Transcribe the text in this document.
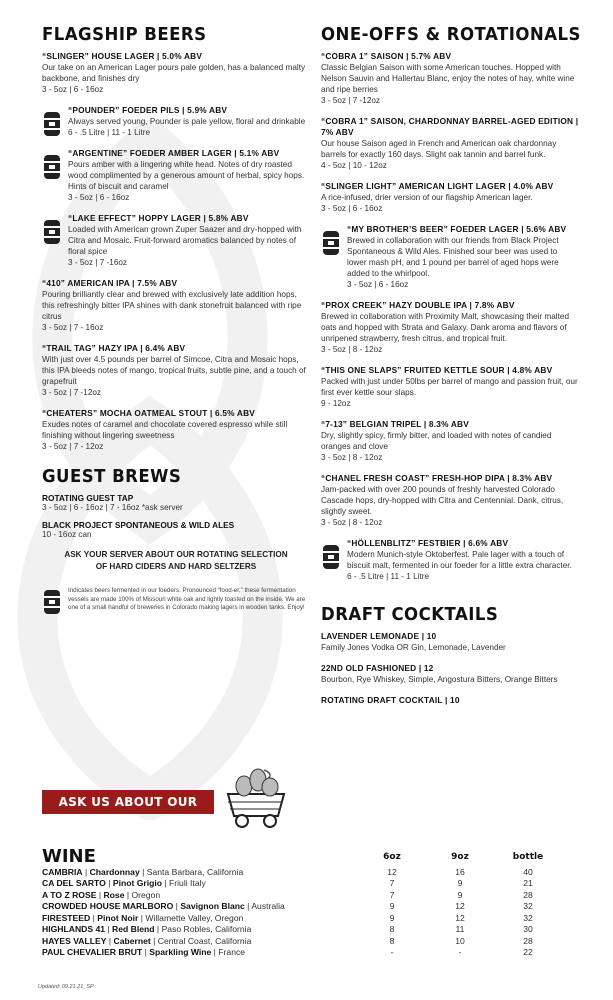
FLAGSHIP BEERS
“SLINGER” HOUSE LAGER | 5.0% ABV
Our take on an American Lager pours pale golden, has a balanced malty backbone, and finishes dry
3 - 5oz | 6 - 16oz
“POUNDER” FOEDER PILS | 5.9% ABV
Always served young, Pounder is pale yellow, floral and drinkable
6 - .5 Litre | 11 - 1 Litre
“ARGENTINE” FOEDER AMBER LAGER | 5.1% ABV
Pours amber with a lingering white head. Notes of dry roasted wood complimented by a generous amount of herbal, spicy hops. Hints of biscuit and caramel
3 - 5oz | 6 - 16oz
“LAKE EFFECT” HOPPY LAGER | 5.8% ABV
Loaded with American grown Zuper Saazer and dry-hopped with Citra and Mosaic. Fruit-forward aromatics balanced by notes of floral spice
3 - 5oz | 7 -16oz
“410” AMERICAN IPA | 7.5% ABV
Pouring brilliantly clear and brewed with exclusively late addition hops, this refreshingly bitter IPA shines with dank stonefruit balanced with ripe citrus
3 - 5oz | 7 - 16oz
“TRAIL TAG” HAZY IPA | 6.4% ABV
With just over 4.5 pounds per barrel of Simcoe, Citra and Mosaic hops, this IPA bleeds notes of mango, tropical fruits, subtle pine, and a touch of grapefruit
3 - 5oz | 7 -12oz
“CHEATERS” MOCHA OATMEAL STOUT | 6.5% ABV
Exudes notes of caramel and chocolate covered espresso while still finishing without lingering sweetness
3 - 5oz | 7 - 12oz
GUEST BREWS
ROTATING GUEST TAP
3 - 5oz | 6 - 16oz | 7 - 16oz *ask server
BLACK PROJECT SPONTANEOUS & WILD ALES
10 - 16oz can
ASK YOUR SERVER ABOUT OUR ROTATING SELECTION
OF HARD CIDERS AND HARD SELTZERS
Indicates beers fermented in our foeders. Pronounced “food-er,” these fermentation vessels are made 100% of Missouri white oak and lightly toasted on the inside. We are one of a small handful of breweries in Colorado making lagers in wooden tanks. Enjoy!
ASK US ABOUT OUR FLIGHTS!
ONE-OFFS & ROTATIONALS
“COBRA 1” SAISON | 5.7% ABV
Classic Belgian Saison with some American touches. Hopped with Nelson Sauvin and Hallertau Blanc, enjoy the notes of hay, white wine and ripe berries
3 - 5oz | 7 -12oz
“COBRA 1” SAISON, CHARDONNAY BARREL-AGED EDITION | 7% ABV
Our house Saison aged in French and American oak chardonnay barrels for exactly 160 days. Slight oak tannin and barrel funk.
4 - 5oz | 10 - 12oz
“SLINGER LIGHT” AMERICAN LIGHT LAGER | 4.0% ABV
A rice-infused, drier version of our flagship American lager.
3 - 5oz | 6 - 16oz
“MY BROTHER’S BEER” FOEDER LAGER | 5.6% ABV
Brewed in collaboration with our friends from Black Project Spontaneous & Wild Ales. Finished sour beer was used to lower mash pH, and 1 pound per barrel of aged hops were added to the whirlpool.
3 - 5oz | 6 - 16oz
“PROX CREEK” HAZY DOUBLE IPA | 7.8% ABV
Brewed in collaboration with Proximity Malt, showcasing their malted oats and hopped with Strata and Galaxy. Dank aroma and flavors of unripened strawberry, fresh citrus, and tropical fruit.
3 - 5oz | 8 - 12oz
“THIS ONE SLAPS” FRUITED KETTLE SOUR | 4.8% ABV
Packed with just under 50lbs per barrel of mango and passion fruit, our first ever kettle sour slaps.
9 - 12oz
“7-13” BELGIAN TRIPEL | 8.3% ABV
Dry, slightly spicy, firmly bitter, and loaded with notes of candied oranges and clove
3 - 5oz | 8 - 12oz
“CHANEL FRESH COAST” FRESH-HOP DIPA | 8.3% ABV
Jam-packed with over 200 pounds of freshly harvested Colorado Cascade hops, dry-hopped with Citra and Centennial. Dank, citrus, slightly sweet.
3 - 5oz | 8 - 12oz
“HÖLLENBLITZ” FESTBIER | 6.6% ABV
Modern Munich-style Oktoberfest. Pale lager with a touch of biscuit malt, fermented in our foeder for a little extra character.
6 - .5 Litre | 11 - 1 Litre
DRAFT COCKTAILS
LAVENDER LEMONADE | 10
Family Jones Vodka OR Gin, Lemonade, Lavender
22ND OLD FASHIONED | 12
Bourbon, Rye Whiskey, Simple, Angostura Bitters, Orange Bitters
ROTATING DRAFT COCKTAIL | 10
WINE	6oz	9oz	bottle
CAMBRIA | Chardonnay | Santa Barbara, California	12	16	40
CA DEL SARTO | Pinot Grigio | Friuli Italy	7	9	21
A TO Z ROSE | Rose | Oregon	7	9	28
CROWDED HOUSE MARLBORO | Savignon Blanc | Australia	9	12	32
FIRESTEED | Pinot Noir | Willamette Valley, Oregon	9	12	32
HIGHLANDS 41 | Red Blend | Paso Robles, California	8	11	30
HAYES VALLEY | Cabernet | Central Coast, California	8	10	28
PAUL CHEVALIER BRUT | Sparkling Wine | France	-	-	22
Updated: 09.21.21_SP
